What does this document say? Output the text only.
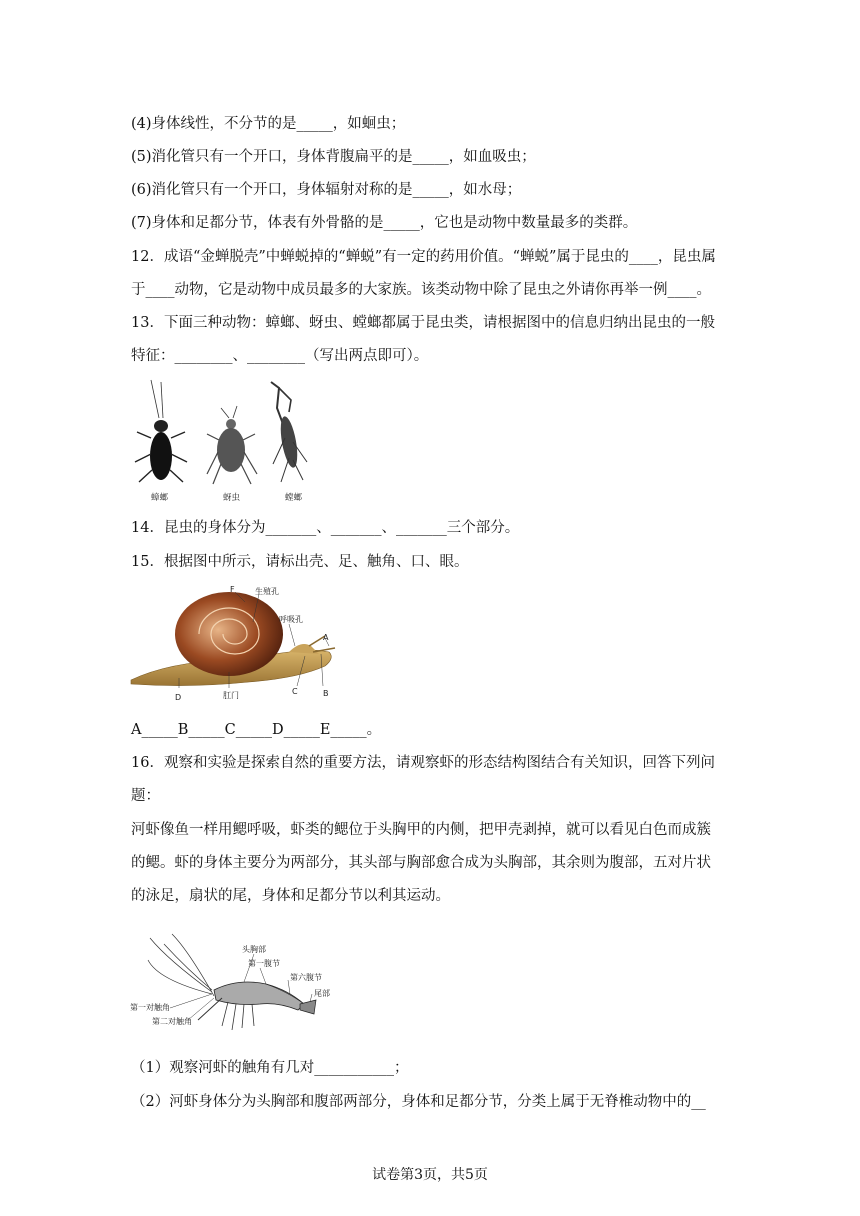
(4)身体线性，不分节的是_____，如蛔虫；
(5)消化管只有一个开口，身体背腹扁平的是_____，如血吸虫；
(6)消化管只有一个开口，身体辐射对称的是_____，如水母；
(7)身体和足都分节，体表有外骨骼的是_____，它也是动物中数量最多的类群。
12．成语“金蝉脱壳”中蝉蜕掉的“蝉蜕”有一定的药用价值。“蝉蜕”属于昆虫的____，昆虫属
于____动物，它是动物中成员最多的大家族。该类动物中除了昆虫之外请你再举一例____。
13．下面三种动物：蟑螂、蚜虫、螳螂都属于昆虫类，请根据图中的信息归纳出昆虫的一般
特征：________、________（写出两点即可）。
蟑螂	蚜虫	螳螂
14．昆虫的身体分为_______、_______、_______三个部分。
15．根据图中所示，请标出壳、足、触角、口、眼。
F	生殖孔
呼吸孔
A
B
C
D	肛门
A_____B_____C_____D_____E_____。
16．观察和实验是探索自然的重要方法，请观察虾的形态结构图结合有关知识，回答下列问
题：
河虾像鱼一样用鳃呼吸，虾类的鳃位于头胸甲的内侧，把甲壳剥掉，就可以看见白色而成簇
的鳃。虾的身体主要分为两部分，其头部与胸部愈合成为头胸部，其余则为腹部，五对片状
的泳足，扇状的尾，身体和足都分节以利其运动。
头胸部
第一腹节
第六腹节
尾部
第一对触角
第二对触角
（1）观察河虾的触角有几对___________；
（2）河虾身体分为头胸部和腹部两部分，身体和足都分节，分类上属于无脊椎动物中的__
试卷第3页，共5页
